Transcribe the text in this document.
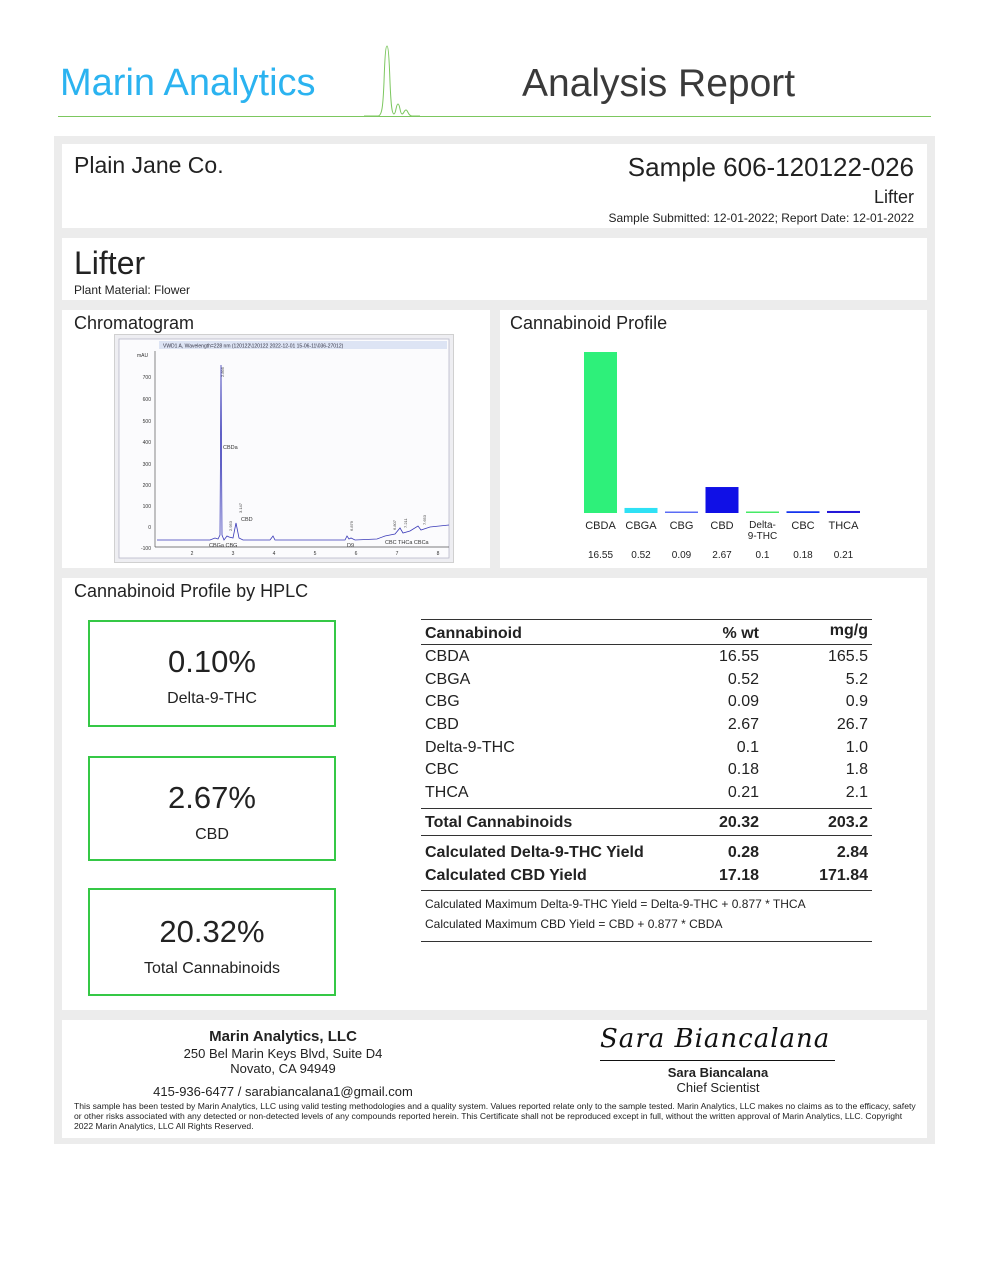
Marin Analytics	Analysis Report
Plain Jane Co.	Sample 606-120122-026
Lifter
Sample Submitted: 12-01-2022; Report Date: 12-01-2022
Lifter
Plant Material: Flower
Chromatogram
VWD1 A, Wavelength=228 nm (120122\120122 2022-12-01 15-06-11\036-27012)
mAU
700
600
500
400
300
200
100
0
-100
2	3	4	5	6	7	8
CBDa
CBD
CBGa CBG	D9	CBC THCa CBCa
2.895
3.147
2.953	6.879	6.807 7.211	7.653
Cannabinoid Profile
CBDA
16.55
CBGA
0.52
CBG
0.09
CBD
2.67
Delta-
9-THC
0.1
CBC
0.18
THCA
0.21
Cannabinoid Profile by HPLC
0.10%
Delta-9-THC
2.67%
CBD
20.32%
Total Cannabinoids
Cannabinoid	% wt	mg/g
CBDA	16.55	165.5
CBGA	0.52	5.2
CBG	0.09	0.9
CBD	2.67	26.7
Delta-9-THC	0.1	1.0
CBC	0.18	1.8
THCA	0.21	2.1
Total Cannabinoids	20.32	203.2
Calculated Delta-9-THC Yield	0.28	2.84
Calculated CBD Yield	17.18	171.84
Calculated Maximum Delta-9-THC Yield = Delta-9-THC + 0.877 * THCA
Calculated Maximum CBD Yield = CBD + 0.877 * CBDA
Marin Analytics, LLC
250 Bel Marin Keys Blvd, Suite D4
Novato, CA 94949
415-936-6477 / sarabiancalana1@gmail.com
Sara Biancalana
Sara Biancalana
Chief Scientist
This sample has been tested by Marin Analytics, LLC using valid testing methodologies and a quality system. Values reported relate only to the sample tested. Marin Analytics, LLC makes no claims as to the efficacy, safety or other risks associated with any detected or non-detected levels of any compounds reported herein. This Certificate shall not be reproduced except in full, without the written approval of Marin Analytics, LLC. Copyright 2022 Marin Analytics, LLC All Rights Reserved.
